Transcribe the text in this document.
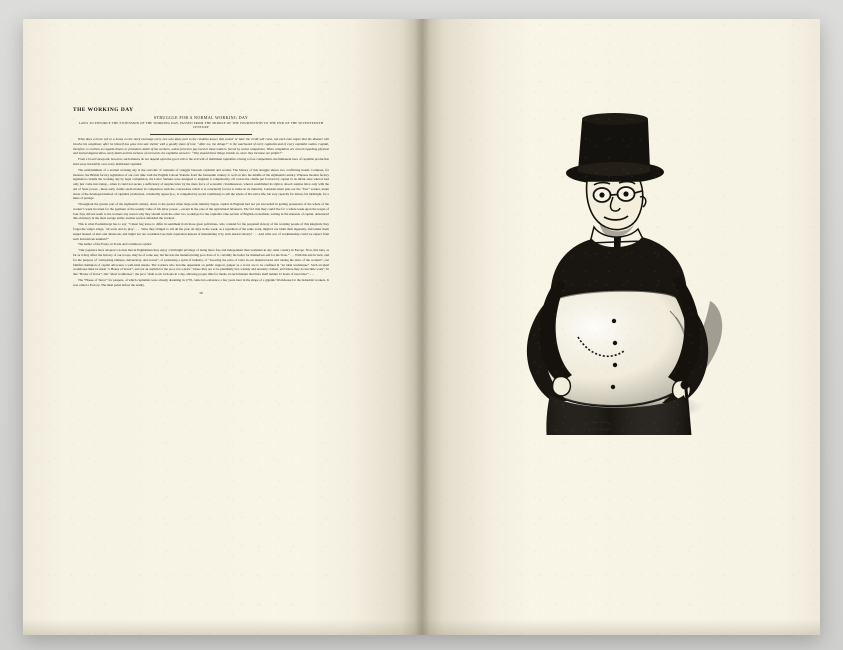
THE WORKING DAY
STRUGGLE FOR A NORMAL WORKING DAY
LAWS TO ENFORCE THE EXTENSION OF THE WORKING DAY, PASSED FROM THE MIDDLE OF THE FOURTEENTH TO THE END OF THE SEVENTEENTH CENTURY

What does a horse sell to a house on the stock exchange every one who takes part in the rundolla knows that sooner or later the credit will come, but each man hopes that the disaster will involve his neighbour, after he himself has gone into sale shelter with a goodly share of loot. “After me, the deluge!” is the watchword of every capitalist and of every capitalist nation. Capital, therefore, is reckless as regards illness or premature death of the workers, unless forced to pay heed to these matters, forced by social compulsion. When complaints are voiced regarding physical and mental degeneration, early death and the tortures of overwork, the capitalist answers: “Why should these things trouble us, since they increase our profits?”

From a broad viewpoint, however, such matters do not depend upon the good will or the evil will of individual capitalists. Owing to free competition, the immanent laws of capitalist production hold sway invariably over every individual capitalist.

The establishment of a normal working day is the outcome of centuries of struggle between capitalist and worker. The history of this struggle shows two conflicting trends. Compare, for instance, the British factory legislation of our own time with the English Labour Statutes from the fourteenth century to well on into the middle of the eighteenth century. Whereas modern factory legislation curtails the working day by legal compulsion, the Labor Statutes were designed to lengthen it compulsorily. Of course the claims put forward by capital in its infant state when it had only just come into being—when it could not secure a sufficiency of surplus labor by the mere force of economic circumstances, when it established its right to absorb surplus labor only with the aid of State power—these early claims seem modest in comparison with the concessions which it is reluctantly forced to make in its maturity. Centuries must pass ere the “free” worker, under stress of the developed method of capitalist production, voluntarily agrees (i.e., is compelled by social conditions) to sell the whole of his active life, his very capacity for labour, his birthright, for a mess of pottage.

Throughout the greater part of the eighteenth century, down to the period when large-scale industry began, capital in England had not yet succeeded in getting possession of the whole of the worker’s week in return for the payment of the weekly value of his labor power,—except in the case of the agricultural labourers. The fact that they could live for a whole week upon the wages of four days did not seem to the workers any reason why they should work the other two workdays for the capitalist. One section of English economists, writing in the interests of capital, denounced this obstinacy in the most savage terms; another section defended the workers.

This is what Postlethwayt has to say: “I must beg leave to differ in sentiment from those great politicians, who contend for the perpetual slavery of the working people of this kingdom; they forget the vulgar adage, ‘all work and no play’. . . . Were they obliged to toil all the year, sit days in the week, as a repetition of the same work, might it not blunt their ingenuity, and render them stupid instead of alert and dexterous; and might not our workmen lose their reputation instead of maintaining it by such eternal slavery? . . . And what sort of workmanship could we expect from such hard-driven animals?”

The author of the Essay on Trade and Commerce replies:

“Our populace have adopted a notion that in Englishmen they enjoy a birthright privilege of being more free and independent than workmen in any other country in Europe. Now, this idea, as far as it may affect the bravery of our troops, may be of some use; but the less the manufacturing poor have of it, certainly the better for themselves and for the State.” . . . With this and in view, and for the purpose of “extirpating idleness, debauchery, and excess”, of promoting a spirit of industry, of “lowering the price of labor in our manufactories and raising the labor of the workers”, our faithful champion of capital advocates a well-tried means. The workers who become dependent on public support, pauper as a word, are to be confined in “an ideal workhouse”. Such an ideal workhouse must be made “a House of Terror”, and not an asylum for the poor, not a place “where they are to be plentifully fed, warmly and decently clothed, and where they do but little work”. In this “House of Terror”, this “ideal workhouse”, the poor “shall work 14 hours in a day, allowing proper time for meals, in such manner that there shall remain 12 hours of neat labor”. . . .

The “House of Terror” for paupers, of which capitalists were already dreaming in 1770, came into existence a few years later in the shape of a gigantic Workhouse for the industrial workers. It was called a Factory. The ideal paled before the reality.

58
Hugo Gellert
The Capitalist
